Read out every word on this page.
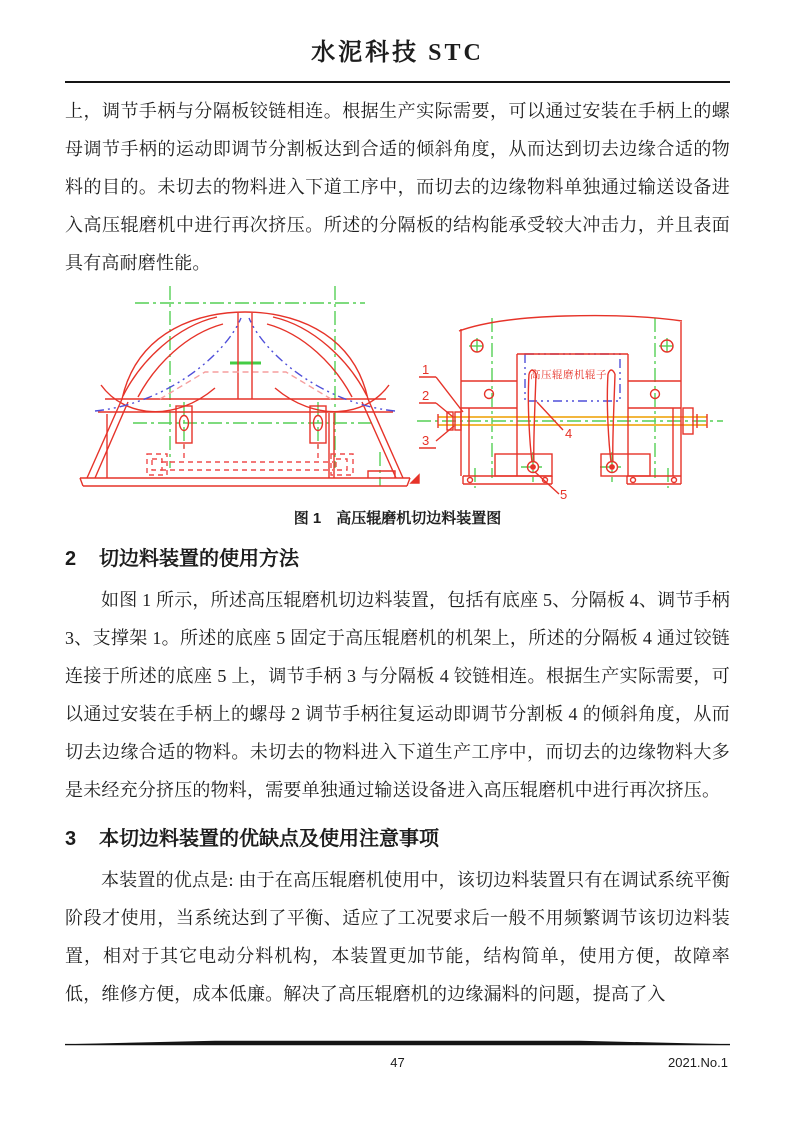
水泥科技 STC

上，调节手柄与分隔板铰链相连。根据生产实际需要，可以通过安装在手柄上的螺母调节手柄的运动即调节分割板达到合适的倾斜角度，从而达到切去边缘合适的物料的目的。未切去的物料进入下道工序中，而切去的边缘物料单独通过输送设备进入高压辊磨机中进行再次挤压。所述的分隔板的结构能承受较大冲击力，并且表面具有高耐磨性能。

高压辊磨机辊子
1
2
3	4
5
图 1　高压辊磨机切边料装置图
2	切边料装置的使用方法

如图 1 所示，所述高压辊磨机切边料装置，包括有底座 5、分隔板 4、调节手柄 3、支撑架 1。所述的底座 5 固定于高压辊磨机的机架上，所述的分隔板 4 通过铰链连接于所述的底座 5 上，调节手柄 3 与分隔板 4 铰链相连。根据生产实际需要，可以通过安装在手柄上的螺母 2 调节手柄往复运动即调节分割板 4 的倾斜角度，从而切去边缘合适的物料。未切去的物料进入下道生产工序中，而切去的边缘物料大多是未经充分挤压的物料，需要单独通过输送设备进入高压辊磨机中进行再次挤压。

3	本切边料装置的优缺点及使用注意事项

本装置的优点是: 由于在高压辊磨机使用中，该切边料装置只有在调试系统平衡阶段才使用，当系统达到了平衡、适应了工况要求后一般不用频繁调节该切边料装置，相对于其它电动分料机构，本装置更加节能，结构简单，使用方便，故障率低，维修方便，成本低廉。解决了高压辊磨机的边缘漏料的问题，提高了入

47	2021.No.1
